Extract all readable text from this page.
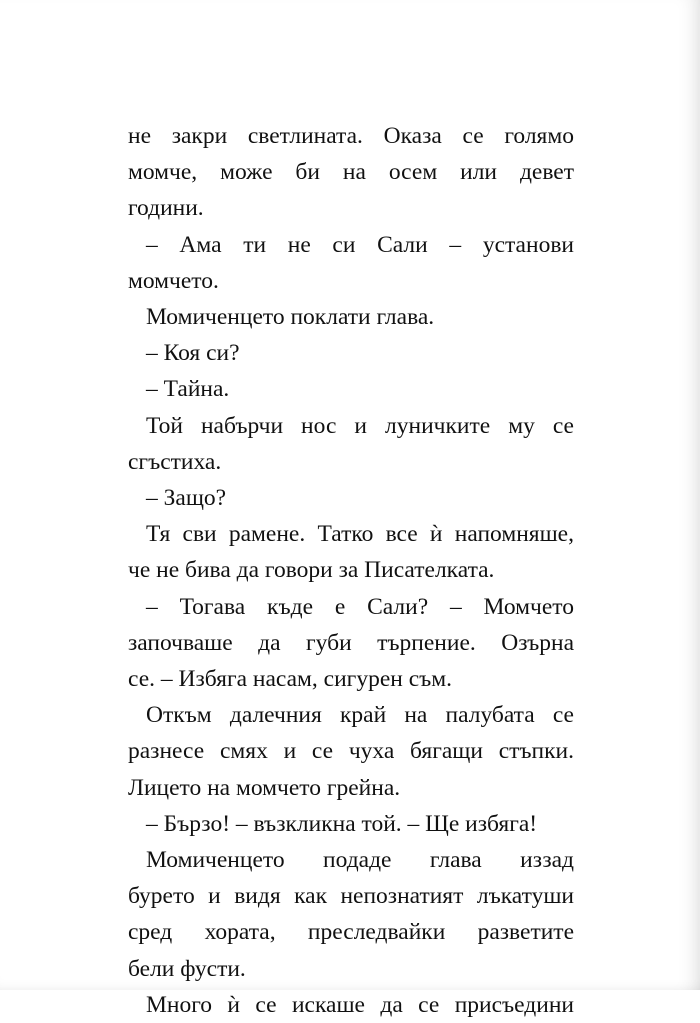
не закри светлината. Оказа се голямо
момче, може би на осем или девет
години.
– Ама ти не си Сали – установи
момчето.
Момиченцето поклати глава.
– Коя си?
– Тайна.
Той набърчи нос и луничките му се
сгъстиха.
– Защо?
Тя сви рамене. Татко все ѝ напомняше,
че не бива да говори за Писателката.
– Тогава къде е Сали? – Момчето
започваше да губи търпение. Озърна
се. – Избяга насам, сигурен съм.
Откъм далечния край на палубата се
разнесе смях и се чуха бягащи стъпки.
Лицето на момчето грейна.
– Бързо! – възкликна той. – Ще избяга!
Момиченцето подаде глава иззад
бурето и видя как непознатият лъкатуши
сред хората, преследвайки разветите
бели фусти.
Много ѝ се искаше да се присъедини
